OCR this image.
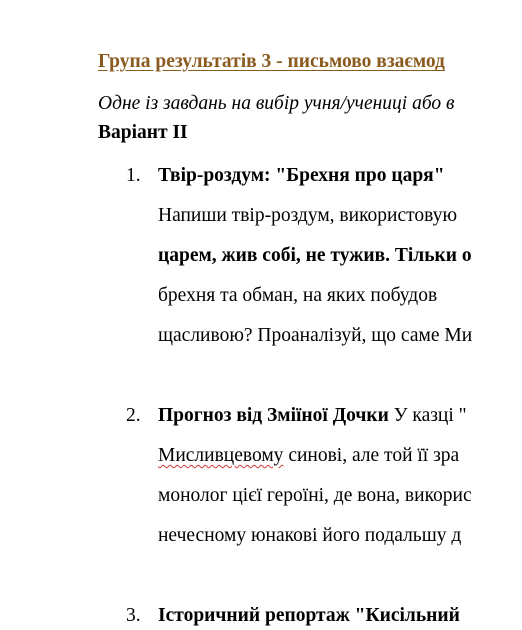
Група результатів 3 - письмово взаємод
Одне із завдань на вибір учня/учениці або в
Варіант ІІ
1. Твір-роздум: "Брехня про царя"
Напиши твір-роздум, використовую
царем, жив собі, не тужив. Тільки о
брехня та обман, на яких побудов
щасливою? Проаналізуй, що саме Ми
2. Прогноз від Зміїної Дочки У казці "
Мисливцевому синові, але той її зра
монолог цієї героїні, де вона, викорис
нечесному юнакові його подальшу д
3. Історичний репортаж "Кисільний
